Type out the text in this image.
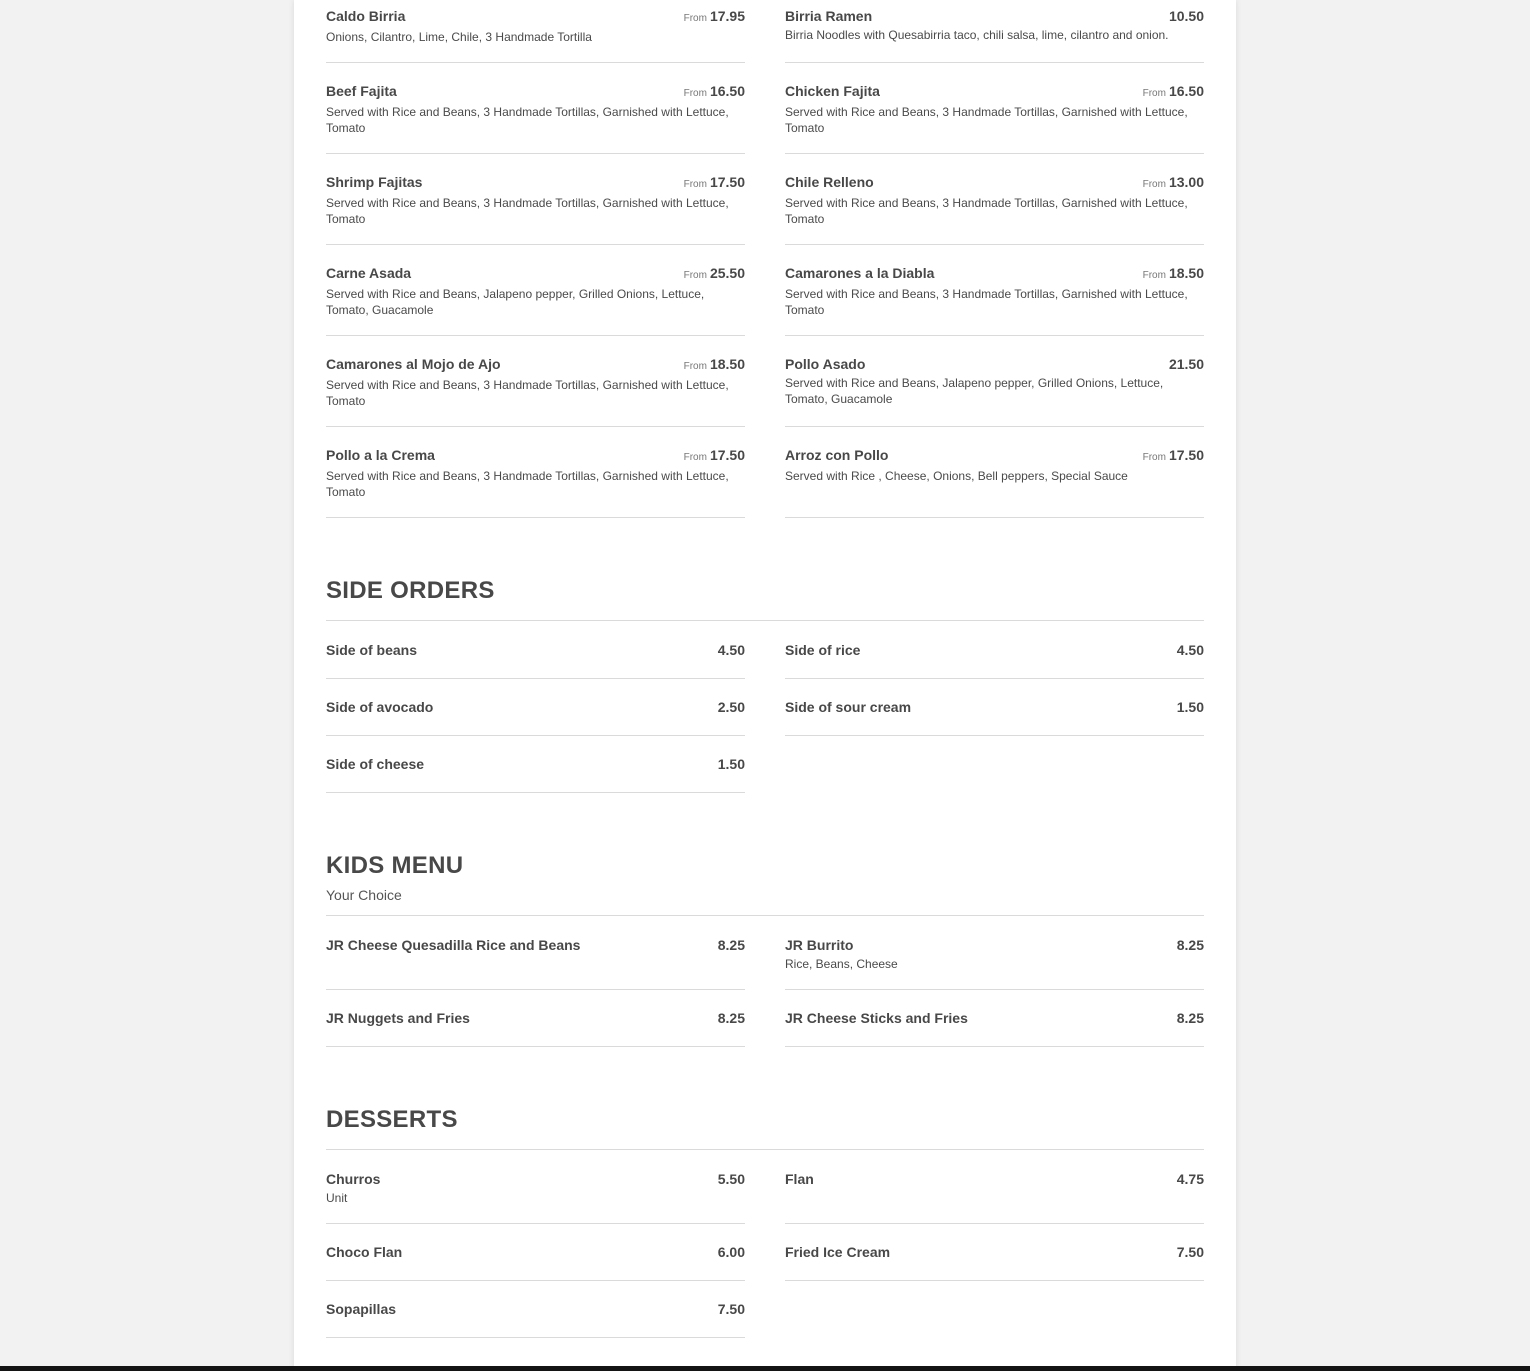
Caldo Birria	From 17.95
Onions, Cilantro, Lime, Chile, 3 Handmade Tortilla
Birria Ramen	10.50
Birria Noodles with Quesabirria taco, chili salsa, lime, cilantro and onion.
Beef Fajita	From 16.50
Served with Rice and Beans, 3 Handmade Tortillas, Garnished with Lettuce, Tomato
Chicken Fajita	From 16.50
Served with Rice and Beans, 3 Handmade Tortillas, Garnished with Lettuce, Tomato
Shrimp Fajitas	From 17.50
Served with Rice and Beans, 3 Handmade Tortillas, Garnished with Lettuce, Tomato
Chile Relleno	From 13.00
Served with Rice and Beans, 3 Handmade Tortillas, Garnished with Lettuce, Tomato
Carne Asada	From 25.50
Served with Rice and Beans, Jalapeno pepper, Grilled Onions, Lettuce, Tomato, Guacamole
Camarones a la Diabla	From 18.50
Served with Rice and Beans, 3 Handmade Tortillas, Garnished with Lettuce, Tomato
Camarones al Mojo de Ajo	From 18.50
Served with Rice and Beans, 3 Handmade Tortillas, Garnished with Lettuce, Tomato
Pollo Asado	21.50
Served with Rice and Beans, Jalapeno pepper, Grilled Onions, Lettuce, Tomato, Guacamole
Pollo a la Crema	From 17.50
Served with Rice and Beans, 3 Handmade Tortillas, Garnished with Lettuce, Tomato
Arroz con Pollo	From 17.50
Served with Rice , Cheese, Onions, Bell peppers, Special Sauce
SIDE ORDERS
Side of beans	4.50	Side of rice	4.50
Side of avocado	2.50	Side of sour cream	1.50
Side of cheese	1.50
KIDS MENU
Your Choice
JR Cheese Quesadilla Rice and Beans	8.25	JR Burrito	8.25
Rice, Beans, Cheese
JR Nuggets and Fries	8.25	JR Cheese Sticks and Fries	8.25
DESSERTS
Churros	5.50
Unit
Flan	4.75
Choco Flan	6.00	Fried Ice Cream	7.50
Sopapillas	7.50
